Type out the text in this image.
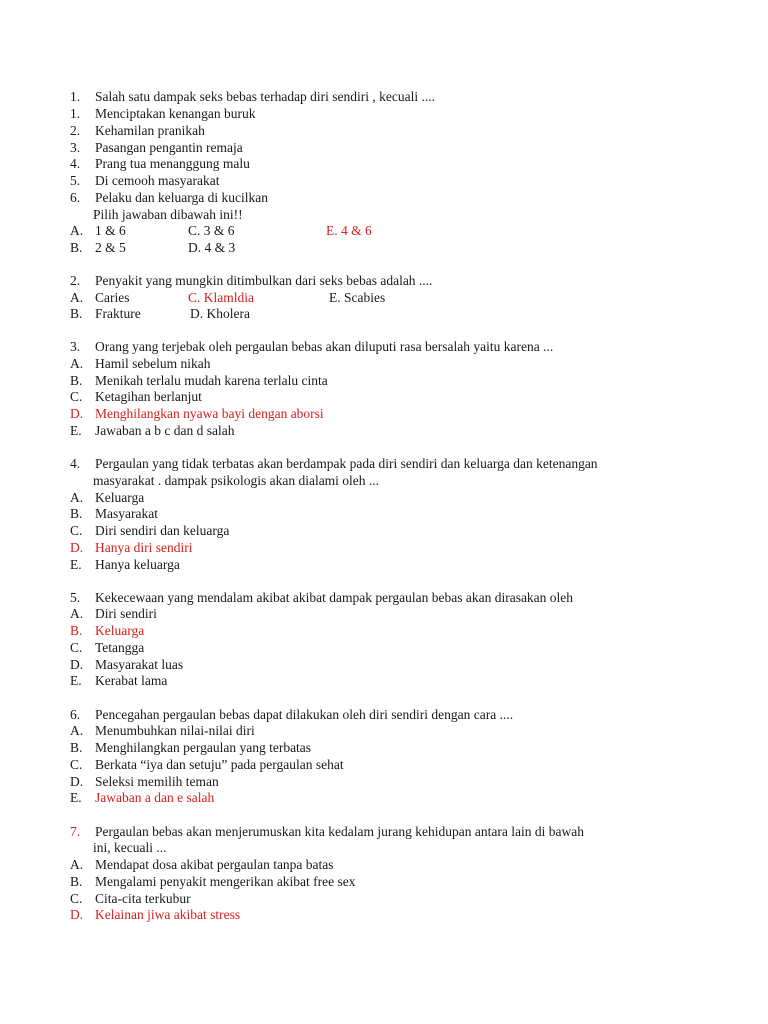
1. Salah satu dampak seks bebas terhadap diri sendiri , kecuali ....
1. Menciptakan kenangan buruk
2. Kehamilan pranikah
3. Pasangan pengantin remaja
4. Prang tua menanggung malu
5. Di cemooh masyarakat
6. Pelaku dan keluarga di kucilkan
Pilih jawaban dibawah ini!!
A. 1 & 6	C. 3 & 6	E. 4 & 6
B. 2 & 5	D. 4 & 3
2. Penyakit yang mungkin ditimbulkan dari seks bebas adalah ....
A. Caries	C. Klamldia	E. Scabies
B. Frakture	D. Kholera
3. Orang yang terjebak oleh pergaulan bebas akan diluputi rasa bersalah yaitu karena ...
A. Hamil sebelum nikah
B. Menikah terlalu mudah karena terlalu cinta
C. Ketagihan berlanjut
D. Menghilangkan nyawa bayi dengan aborsi
E. Jawaban a b c dan d salah
4. Pergaulan yang tidak terbatas akan berdampak pada diri sendiri dan keluarga dan ketenangan
masyarakat . dampak psikologis akan dialami oleh ...
A. Keluarga
B. Masyarakat
C. Diri sendiri dan keluarga
D. Hanya diri sendiri
E. Hanya keluarga
5. Kekecewaan yang mendalam akibat akibat dampak pergaulan bebas akan dirasakan oleh
A. Diri sendiri
B. Keluarga
C. Tetangga
D. Masyarakat luas
E. Kerabat lama
6. Pencegahan pergaulan bebas dapat dilakukan oleh diri sendiri dengan cara ....
A. Menumbuhkan nilai-nilai diri
B. Menghilangkan pergaulan yang terbatas
C. Berkata “iya dan setuju” pada pergaulan sehat
D. Seleksi memilih teman
E. Jawaban a dan e salah
7. Pergaulan bebas akan menjerumuskan kita kedalam jurang kehidupan antara lain di bawah
ini, kecuali ...
A. Mendapat dosa akibat pergaulan tanpa batas
B. Mengalami penyakit mengerikan akibat free sex
C. Cita-cita terkubur
D. Kelainan jiwa akibat stress
